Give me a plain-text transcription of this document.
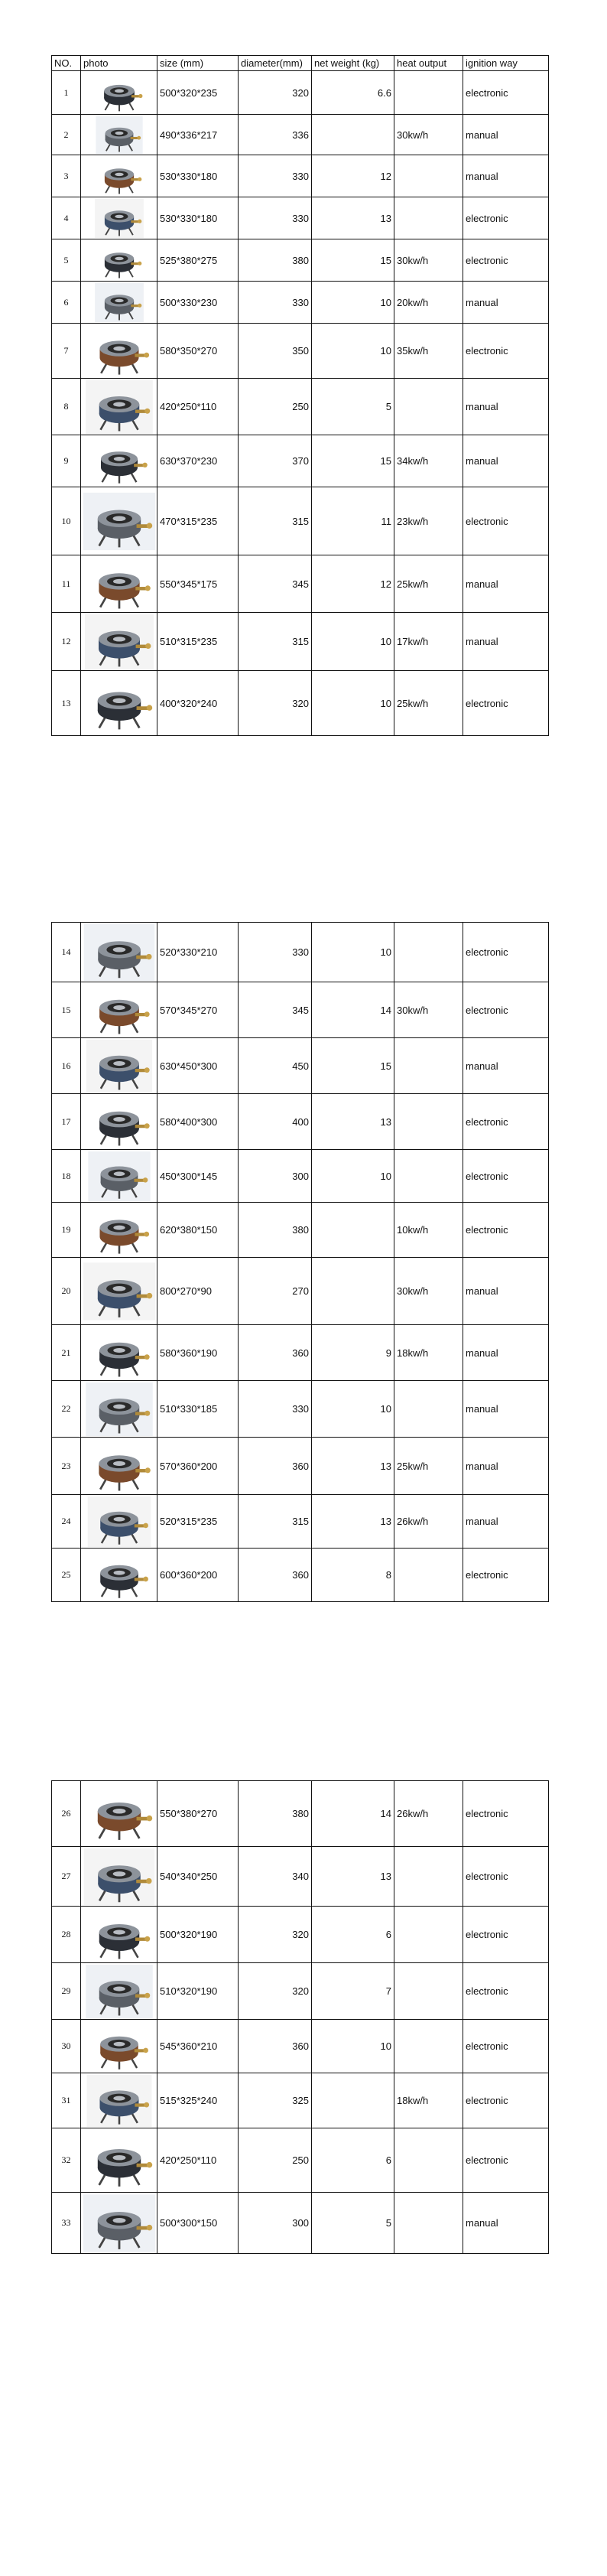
NO.	photo	size (mm)	diameter(mm)	net weight (kg)	heat output	ignition way
1		500*320*235	320	6.6		electronic
2		490*336*217	336		30kw/h	manual
3		530*330*180	330	12		manual
4		530*330*180	330	13		electronic
5		525*380*275	380	15	30kw/h	electronic
6		500*330*230	330	10	20kw/h	manual
7		580*350*270	350	10	35kw/h	electronic
8		420*250*110	250	5		manual
9		630*370*230	370	15	34kw/h	manual
10		470*315*235	315	11	23kw/h	electronic
11		550*345*175	345	12	25kw/h	manual
12		510*315*235	315	10	17kw/h	manual
13		400*320*240	320	10	25kw/h	electronic
14		520*330*210	330	10		electronic
15		570*345*270	345	14	30kw/h	electronic
16		630*450*300	450	15		manual
17		580*400*300	400	13		electronic
18		450*300*145	300	10		electronic
19		620*380*150	380		10kw/h	electronic
20		800*270*90	270		30kw/h	manual
21		580*360*190	360	9	18kw/h	manual
22		510*330*185	330	10		manual
23		570*360*200	360	13	25kw/h	manual
24		520*315*235	315	13	26kw/h	manual
25		600*360*200	360	8		electronic
26		550*380*270	380	14	26kw/h	electronic
27		540*340*250	340	13		electronic
28		500*320*190	320	6		electronic
29		510*320*190	320	7		electronic
30		545*360*210	360	10		electronic
31		515*325*240	325		18kw/h	electronic
32		420*250*110	250	6		electronic
33		500*300*150	300	5		manual
